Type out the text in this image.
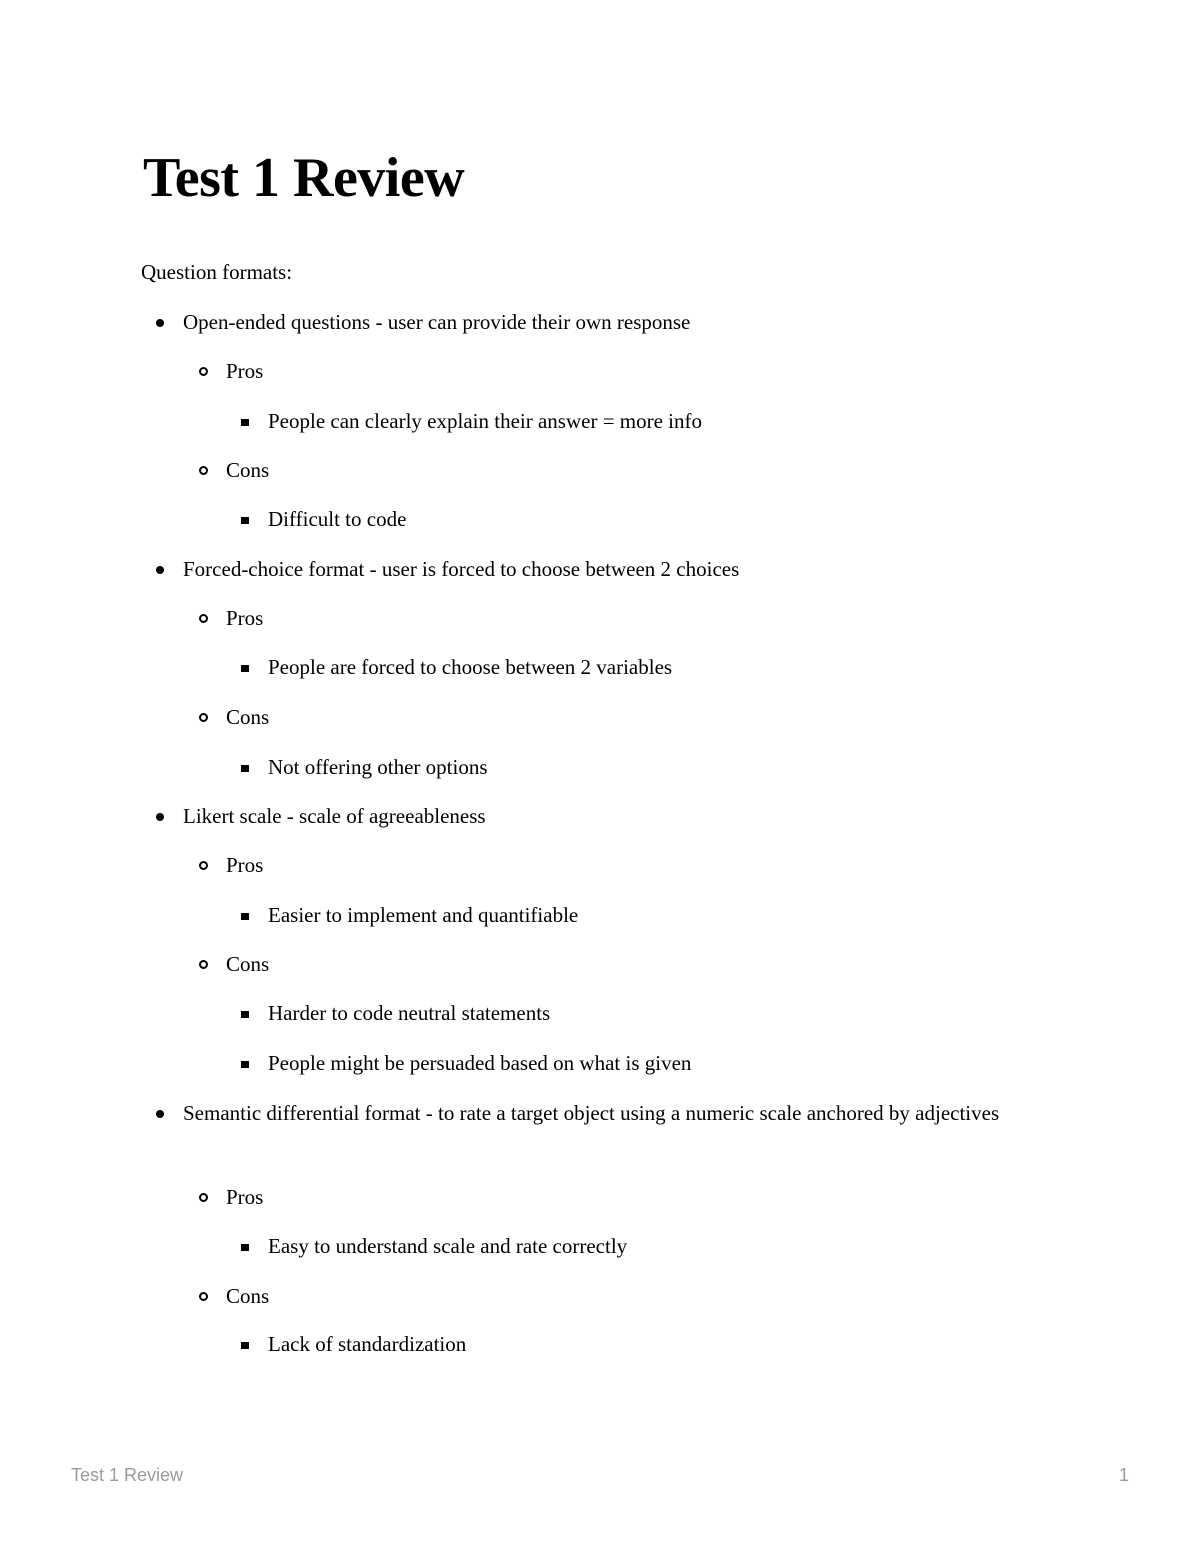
Test 1 Review
Question formats:
Open-ended questions - user can provide their own response
Pros
People can clearly explain their answer = more info
Cons
Difficult to code
Forced-choice format - user is forced to choose between 2 choices
Pros
People are forced to choose between 2 variables
Cons
Not offering other options
Likert scale - scale of agreeableness
Pros
Easier to implement and quantifiable
Cons
Harder to code neutral statements
People might be persuaded based on what is given
Semantic differential format - to rate a target object using a numeric scale anchored by adjectives
Pros
Easy to understand scale and rate correctly
Cons
Lack of standardization
Test 1 Review	1
